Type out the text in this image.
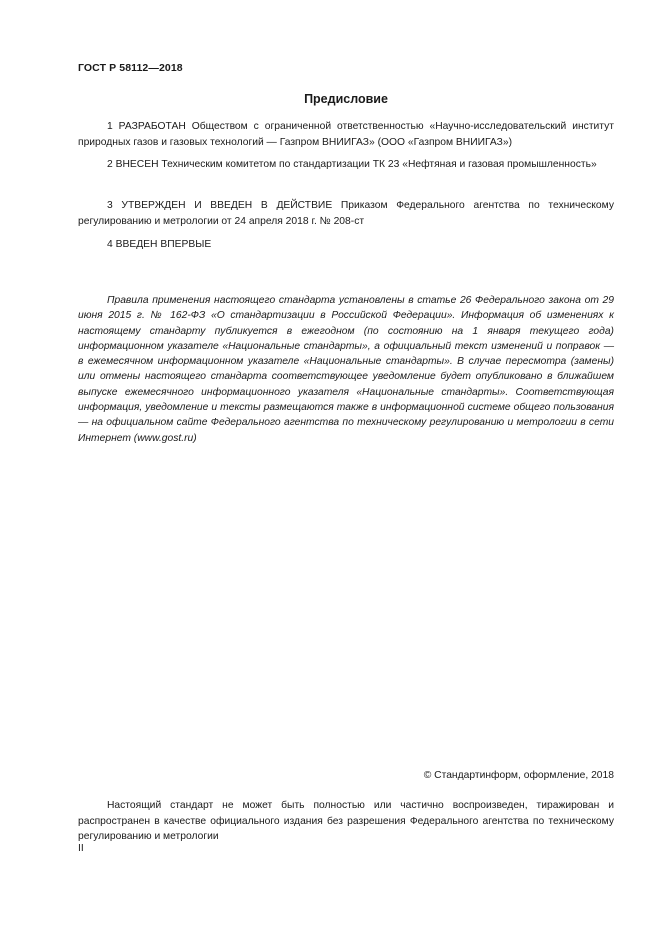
ГОСТ Р 58112—2018
Предисловие

1 РАЗРАБОТАН Обществом с ограниченной ответственностью «Научно-исследовательский институт природных газов и газовых технологий — Газпром ВНИИГАЗ» (ООО «Газпром ВНИИГАЗ»)

2 ВНЕСЕН Техническим комитетом по стандартизации ТК 23 «Нефтяная и газовая промышленность»

3 УТВЕРЖДЕН И ВВЕДЕН В ДЕЙСТВИЕ Приказом Федерального агентства по техническому регулированию и метрологии от 24 апреля 2018 г. № 208-ст

4 ВВЕДЕН ВПЕРВЫЕ

Правила применения настоящего стандарта установлены в статье 26 Федерального закона от 29 июня 2015 г. № 162-ФЗ «О стандартизации в Российской Федерации». Информация об изменениях к настоящему стандарту публикуется в ежегодном (по состоянию на 1 января текущего года) информационном указателе «Национальные стандарты», а официальный текст изменений и поправок — в ежемесячном информационном указателе «Национальные стандарты». В случае пересмотра (замены) или отмены настоящего стандарта соответствующее уведомление будет опубликовано в ближайшем выпуске ежемесячного информационного указателя «Национальные стандарты». Соответствующая информация, уведомление и тексты размещаются также в информационной системе общего пользования — на официальном сайте Федерального агентства по техническому регулированию и метрологии в сети Интернет (www.gost.ru)

© Стандартинформ, оформление, 2018

Настоящий стандарт не может быть полностью или частично воспроизведен, тиражирован и распространен в качестве официального издания без разрешения Федерального агентства по техническому регулированию и метрологии

II
